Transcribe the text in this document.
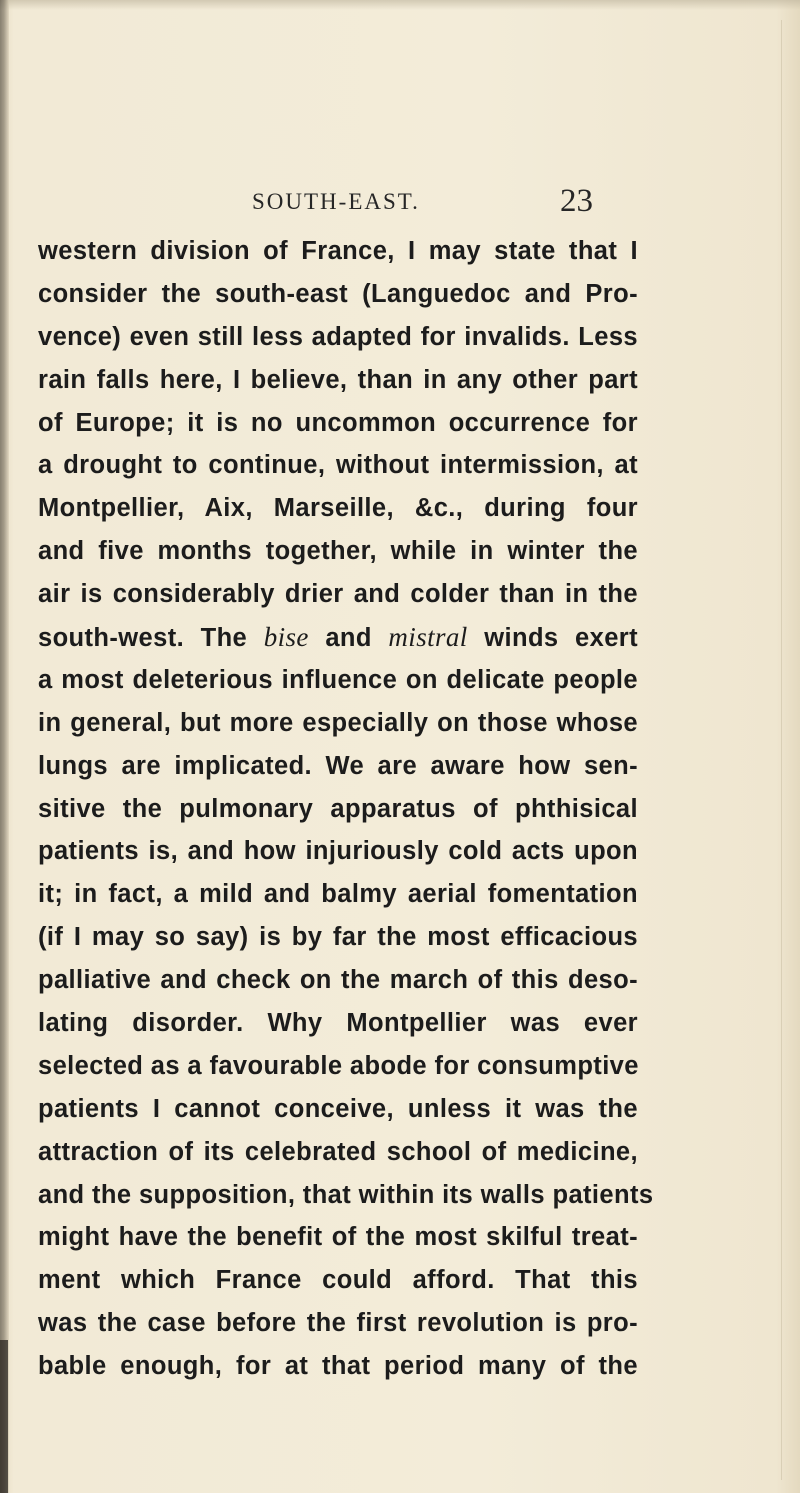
SOUTH-EAST.	23
western division of France, I may state that I
consider the south-east (Languedoc and Pro-
vence) even still less adapted for invalids. Less
rain falls here, I believe, than in any other part
of Europe; it is no uncommon occurrence for
a drought to continue, without intermission, at
Montpellier, Aix, Marseille, &c., during four
and five months together, while in winter the
air is considerably drier and colder than in the
south-west. The bise and mistral winds exert
a most deleterious influence on delicate people
in general, but more especially on those whose
lungs are implicated. We are aware how sen-
sitive the pulmonary apparatus of phthisical
patients is, and how injuriously cold acts upon
it; in fact, a mild and balmy aerial fomentation
(if I may so say) is by far the most efficacious
palliative and check on the march of this deso-
lating disorder. Why Montpellier was ever
selected as a favourable abode for consumptive
patients I cannot conceive, unless it was the
attraction of its celebrated school of medicine,
and the supposition, that within its walls patients
might have the benefit of the most skilful treat-
ment which France could afford. That this
was the case before the first revolution is pro-
bable enough, for at that period many of the
